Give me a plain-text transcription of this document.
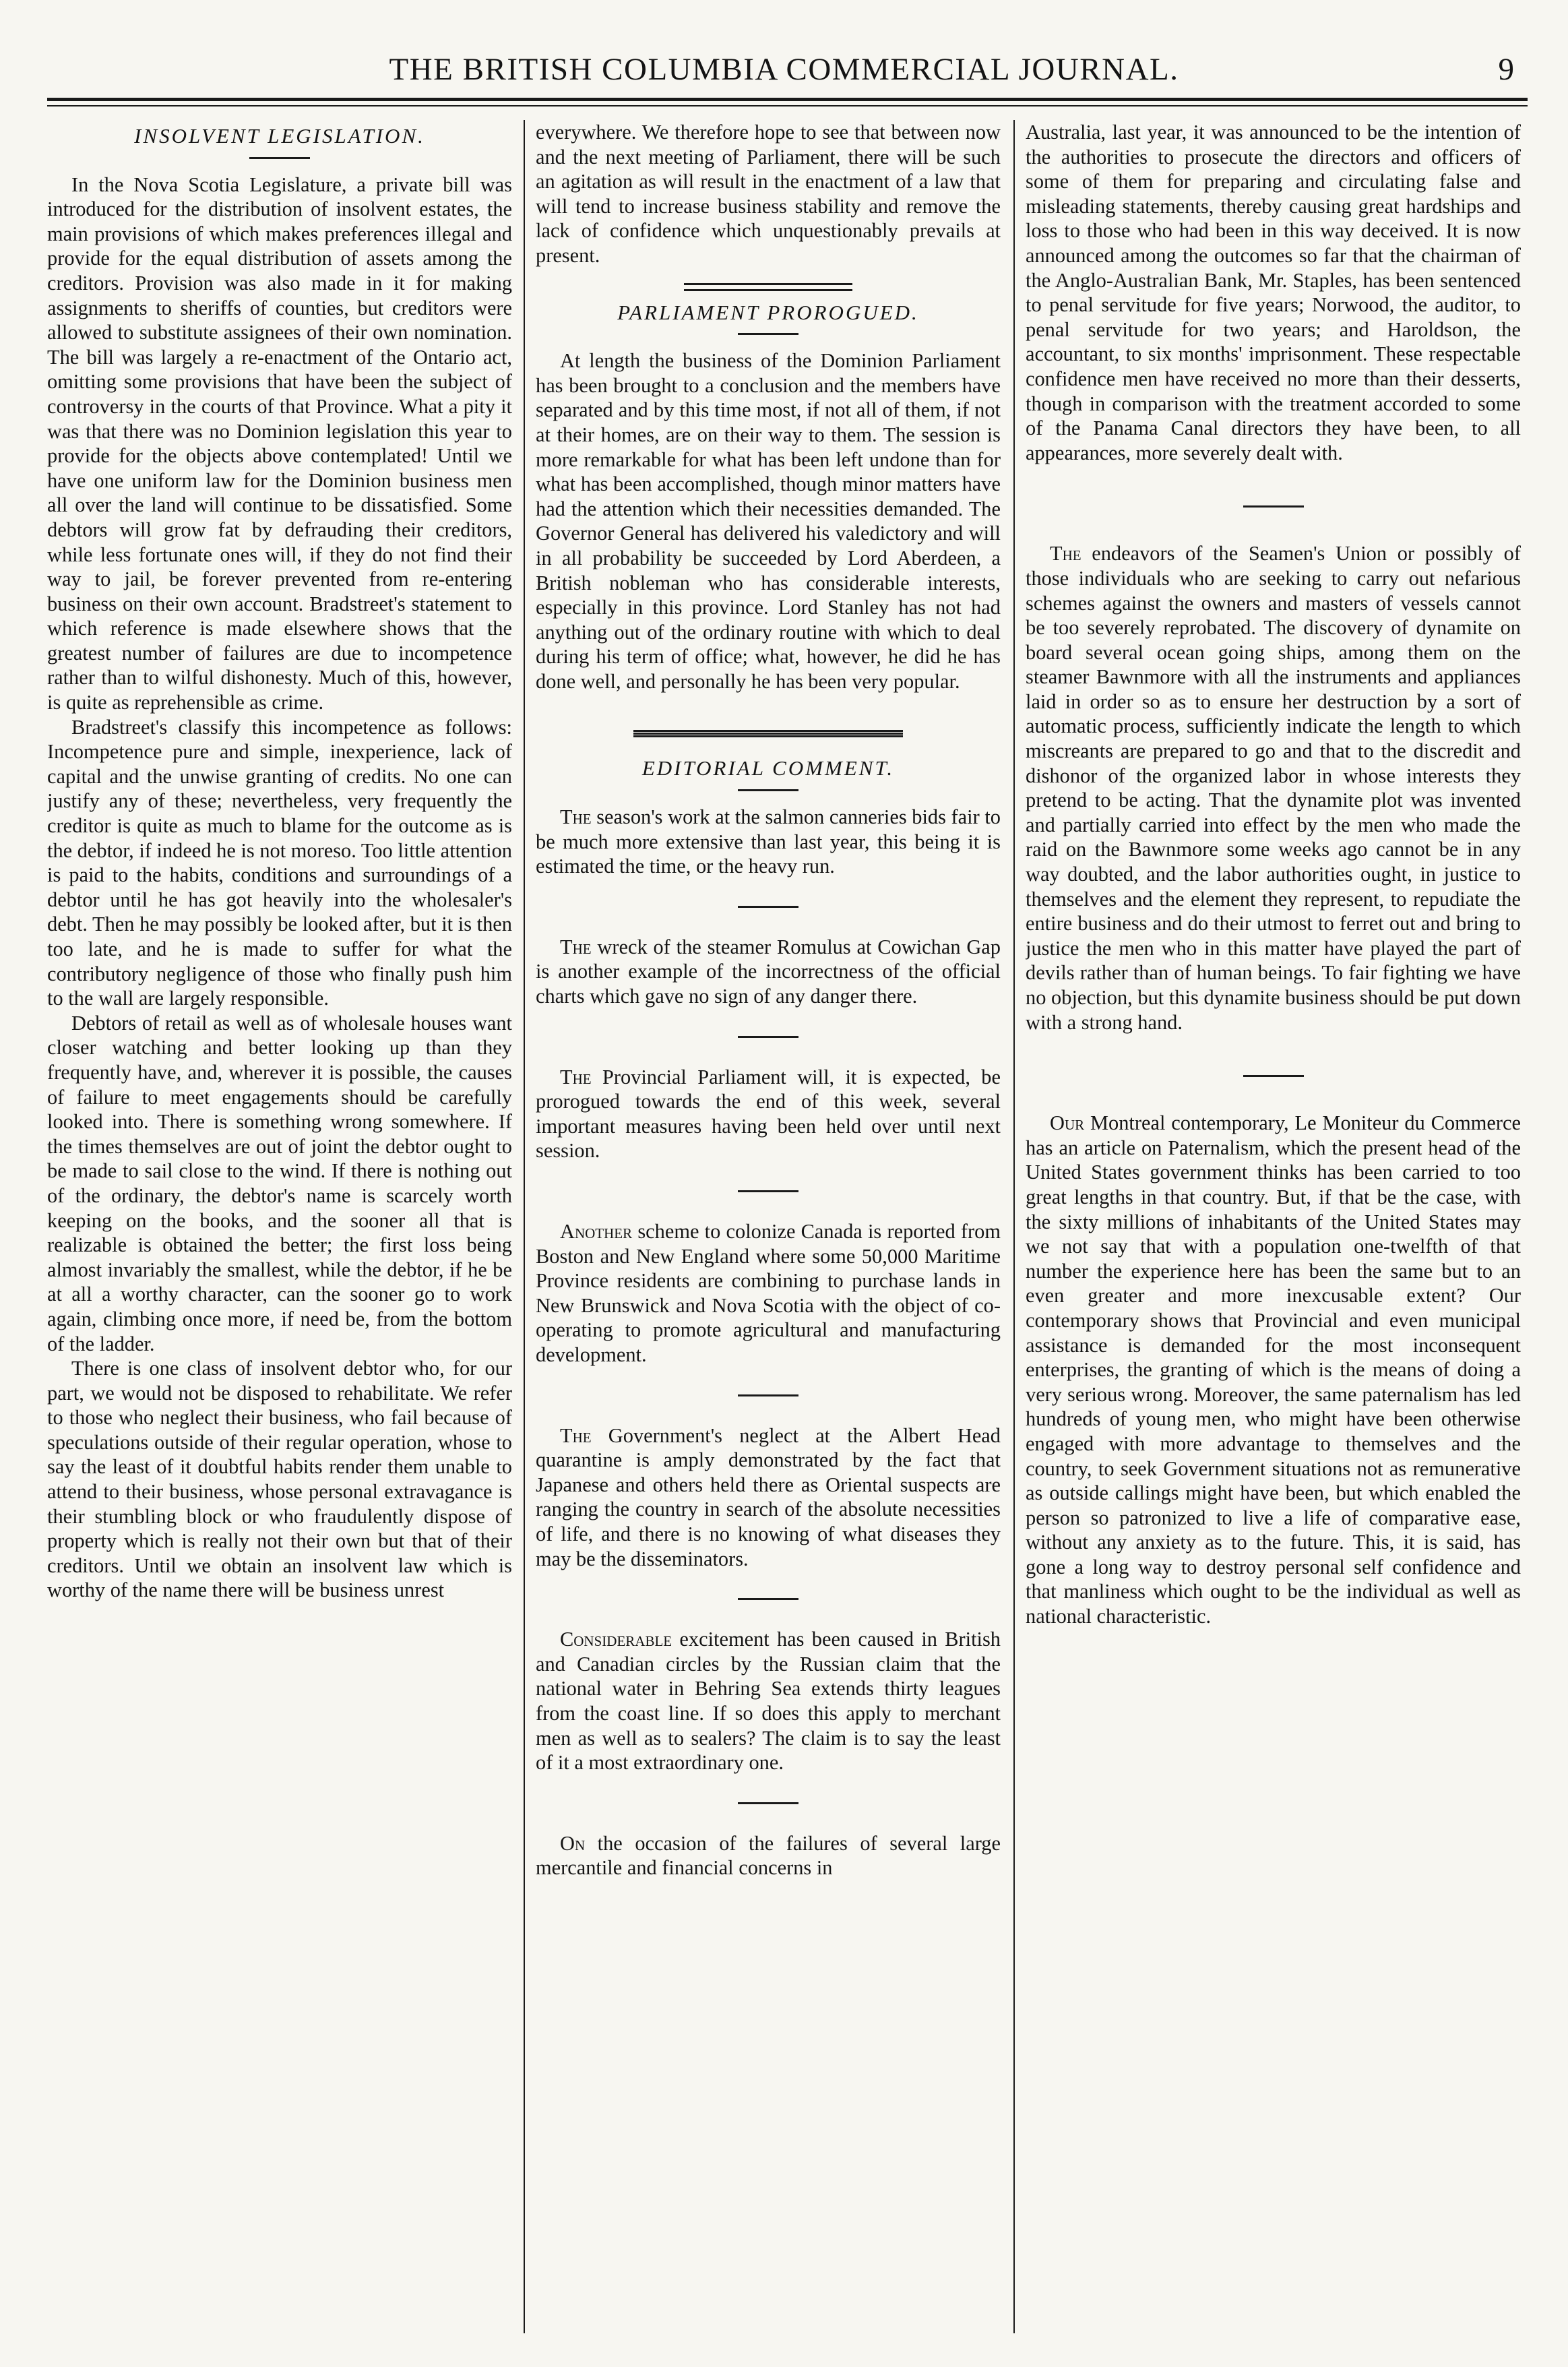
THE BRITISH COLUMBIA COMMERCIAL JOURNAL.	9
INSOLVENT LEGISLATION.

In the Nova Scotia Legislature, a private bill was introduced for the distribution of insolvent estates, the main provisions of which makes preferences illegal and provide for the equal distribution of assets among the creditors. Provision was also made in it for making assignments to sheriffs of counties, but creditors were allowed to substitute assignees of their own nomination. The bill was largely a re-enactment of the Ontario act, omitting some provisions that have been the subject of controversy in the courts of that Province. What a pity it was that there was no Dominion legislation this year to provide for the objects above contemplated! Until we have one uniform law for the Dominion business men all over the land will continue to be dissatisfied. Some debtors will grow fat by defrauding their creditors, while less fortunate ones will, if they do not find their way to jail, be forever prevented from re-entering business on their own account. Bradstreet's statement to which reference is made elsewhere shows that the greatest number of failures are due to incompetence rather than to wilful dishonesty. Much of this, however, is quite as reprehensible as crime.

Bradstreet's classify this incompetence as follows: Incompetence pure and simple, inexperience, lack of capital and the unwise granting of credits. No one can justify any of these; nevertheless, very frequently the creditor is quite as much to blame for the outcome as is the debtor, if indeed he is not moreso. Too little attention is paid to the habits, conditions and surroundings of a debtor until he has got heavily into the wholesaler's debt. Then he may possibly be looked after, but it is then too late, and he is made to suffer for what the contributory negligence of those who finally push him to the wall are largely responsible.

Debtors of retail as well as of wholesale houses want closer watching and better looking up than they frequently have, and, wherever it is possible, the causes of failure to meet engagements should be carefully looked into. There is something wrong somewhere. If the times themselves are out of joint the debtor ought to be made to sail close to the wind. If there is nothing out of the ordinary, the debtor's name is scarcely worth keeping on the books, and the sooner all that is realizable is obtained the better; the first loss being almost invariably the smallest, while the debtor, if he be at all a worthy character, can the sooner go to work again, climbing once more, if need be, from the bottom of the ladder.

There is one class of insolvent debtor who, for our part, we would not be disposed to rehabilitate. We refer to those who neglect their business, who fail because of speculations outside of their regular operation, whose to say the least of it doubtful habits render them unable to attend to their business, whose personal extravagance is their stumbling block or who fraudulently dispose of property which is really not their own but that of their creditors. Until we obtain an insolvent law which is worthy of the name there will be business unrest

everywhere. We therefore hope to see that between now and the next meeting of Parliament, there will be such an agitation as will result in the enactment of a law that will tend to increase business stability and remove the lack of confidence which unquestionably prevails at present.

PARLIAMENT PROROGUED.

At length the business of the Dominion Parliament has been brought to a conclusion and the members have separated and by this time most, if not all of them, if not at their homes, are on their way to them. The session is more remarkable for what has been left undone than for what has been accomplished, though minor matters have had the attention which their necessities demanded. The Governor General has delivered his valedictory and will in all probability be succeeded by Lord Aberdeen, a British nobleman who has considerable interests, especially in this province. Lord Stanley has not had anything out of the ordinary routine with which to deal during his term of office; what, however, he did he has done well, and personally he has been very popular.

EDITORIAL COMMENT.

The season's work at the salmon canneries bids fair to be much more extensive than last year, this being it is estimated the time, or the heavy run.

The wreck of the steamer Romulus at Cowichan Gap is another example of the incorrectness of the official charts which gave no sign of any danger there.

The Provincial Parliament will, it is expected, be prorogued towards the end of this week, several important measures having been held over until next session.

Another scheme to colonize Canada is reported from Boston and New England where some 50,000 Maritime Province residents are combining to purchase lands in New Brunswick and Nova Scotia with the object of co-operating to promote agricultural and manufacturing development.

The Government's neglect at the Albert Head quarantine is amply demonstrated by the fact that Japanese and others held there as Oriental suspects are ranging the country in search of the absolute necessities of life, and there is no knowing of what diseases they may be the disseminators.

Considerable excitement has been caused in British and Canadian circles by the Russian claim that the national water in Behring Sea extends thirty leagues from the coast line. If so does this apply to merchant men as well as to sealers? The claim is to say the least of it a most extraordinary one.

On the occasion of the failures of several large mercantile and financial concerns in

Australia, last year, it was announced to be the intention of the authorities to prosecute the directors and officers of some of them for preparing and circulating false and misleading statements, thereby causing great hardships and loss to those who had been in this way deceived. It is now announced among the outcomes so far that the chairman of the Anglo-Australian Bank, Mr. Staples, has been sentenced to penal servitude for five years; Norwood, the auditor, to penal servitude for two years; and Haroldson, the accountant, to six months' imprisonment. These respectable confidence men have received no more than their desserts, though in comparison with the treatment accorded to some of the Panama Canal directors they have been, to all appearances, more severely dealt with.

The endeavors of the Seamen's Union or possibly of those individuals who are seeking to carry out nefarious schemes against the owners and masters of vessels cannot be too severely reprobated. The discovery of dynamite on board several ocean going ships, among them on the steamer Bawnmore with all the instruments and appliances laid in order so as to ensure her destruction by a sort of automatic process, sufficiently indicate the length to which miscreants are prepared to go and that to the discredit and dishonor of the organized labor in whose interests they pretend to be acting. That the dynamite plot was invented and partially carried into effect by the men who made the raid on the Bawnmore some weeks ago cannot be in any way doubted, and the labor authorities ought, in justice to themselves and the element they represent, to repudiate the entire business and do their utmost to ferret out and bring to justice the men who in this matter have played the part of devils rather than of human beings. To fair fighting we have no objection, but this dynamite business should be put down with a strong hand.

Our Montreal contemporary, Le Moniteur du Commerce has an article on Paternalism, which the present head of the United States government thinks has been carried to too great lengths in that country. But, if that be the case, with the sixty millions of inhabitants of the United States may we not say that with a population one-twelfth of that number the experience here has been the same but to an even greater and more inexcusable extent? Our contemporary shows that Provincial and even municipal assistance is demanded for the most inconsequent enterprises, the granting of which is the means of doing a very serious wrong. Moreover, the same paternalism has led hundreds of young men, who might have been otherwise engaged with more advantage to themselves and the country, to seek Government situations not as remunerative as outside callings might have been, but which enabled the person so patronized to live a life of comparative ease, without any anxiety as to the future. This, it is said, has gone a long way to destroy personal self confidence and that manliness which ought to be the individual as well as national characteristic.
